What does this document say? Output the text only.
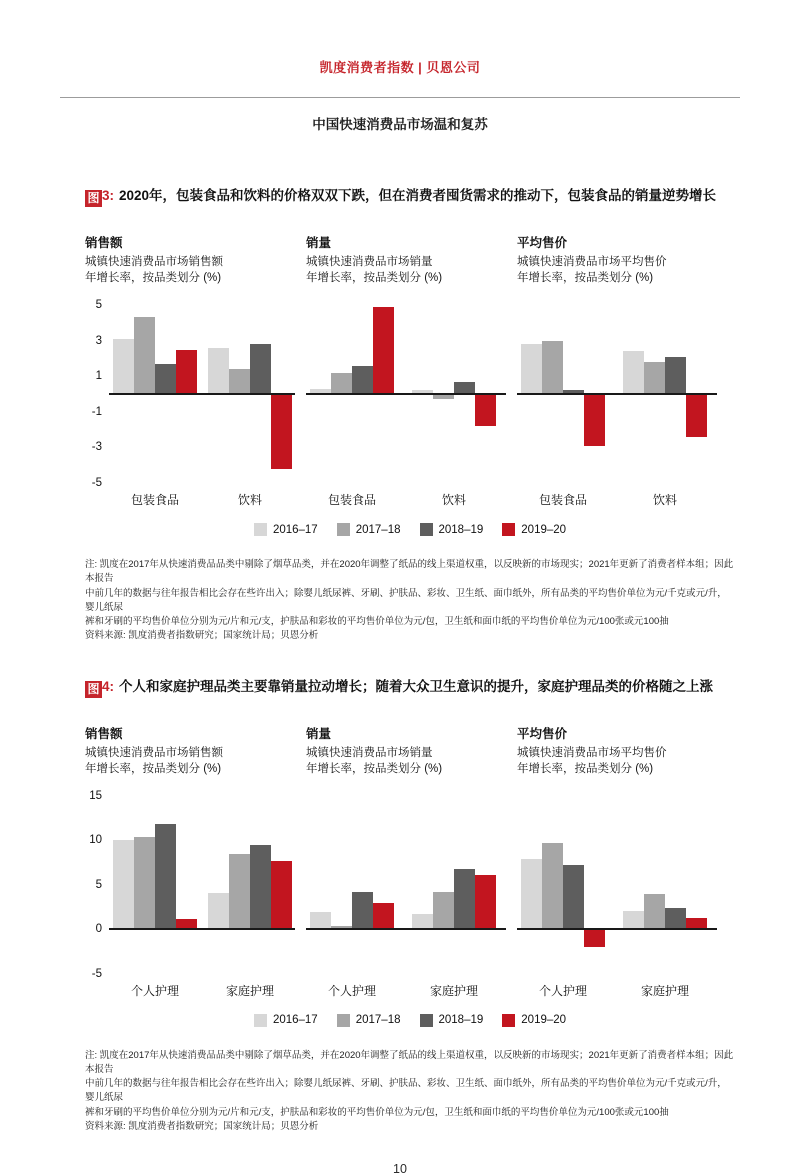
凯度消费者指数 | 贝恩公司
中国快速消费品市场温和复苏
图 3: 2020年，包装食品和饮料的价格双双下跌，但在消费者囤货需求的推动下，包装食品的销量逆势增长
销售额
城镇快速消费品市场销售额
年增长率，按品类划分 (%)
5
3
1
-1
-3
-5
包装食品	饮料
销量
城镇快速消费品市场销量
年增长率，按品类划分 (%)
包装食品	饮料
平均售价
城镇快速消费品市场平均售价
年增长率，按品类划分 (%)
包装食品	饮料
2016–17	2017–18	2018–19	2019–20
注: 凯度在2017年从快速消费品品类中剔除了烟草品类，并在2020年调整了纸品的线上渠道权重，以反映新的市场现实；2021年更新了消费者样本组；因此本报告
中前几年的数据与往年报告相比会存在些许出入；除婴儿纸尿裤、牙刷、护肤品、彩妆、卫生纸、面巾纸外，所有品类的平均售价单位为元/千克或元/升，婴儿纸尿
裤和牙刷的平均售价单位分别为元/片和元/支，护肤品和彩妆的平均售价单位为元/包，卫生纸和面巾纸的平均售价单位为元/100张或元100抽
资料来源: 凯度消费者指数研究；国家统计局；贝恩分析
图 4: 个人和家庭护理品类主要靠销量拉动增长；随着大众卫生意识的提升，家庭护理品类的价格随之上涨
销售额
城镇快速消费品市场销售额
年增长率，按品类划分 (%)
15
10
5
0
-5
个人护理	家庭护理
销量
城镇快速消费品市场销量
年增长率，按品类划分 (%)
个人护理	家庭护理
平均售价
城镇快速消费品市场平均售价
年增长率，按品类划分 (%)
个人护理	家庭护理
2016–17	2017–18	2018–19	2019–20
注: 凯度在2017年从快速消费品品类中剔除了烟草品类，并在2020年调整了纸品的线上渠道权重，以反映新的市场现实；2021年更新了消费者样本组；因此本报告
中前几年的数据与往年报告相比会存在些许出入；除婴儿纸尿裤、牙刷、护肤品、彩妆、卫生纸、面巾纸外，所有品类的平均售价单位为元/千克或元/升，婴儿纸尿
裤和牙刷的平均售价单位分别为元/片和元/支，护肤品和彩妆的平均售价单位为元/包，卫生纸和面巾纸的平均售价单位为元/100张或元100抽
资料来源: 凯度消费者指数研究；国家统计局；贝恩分析
10
